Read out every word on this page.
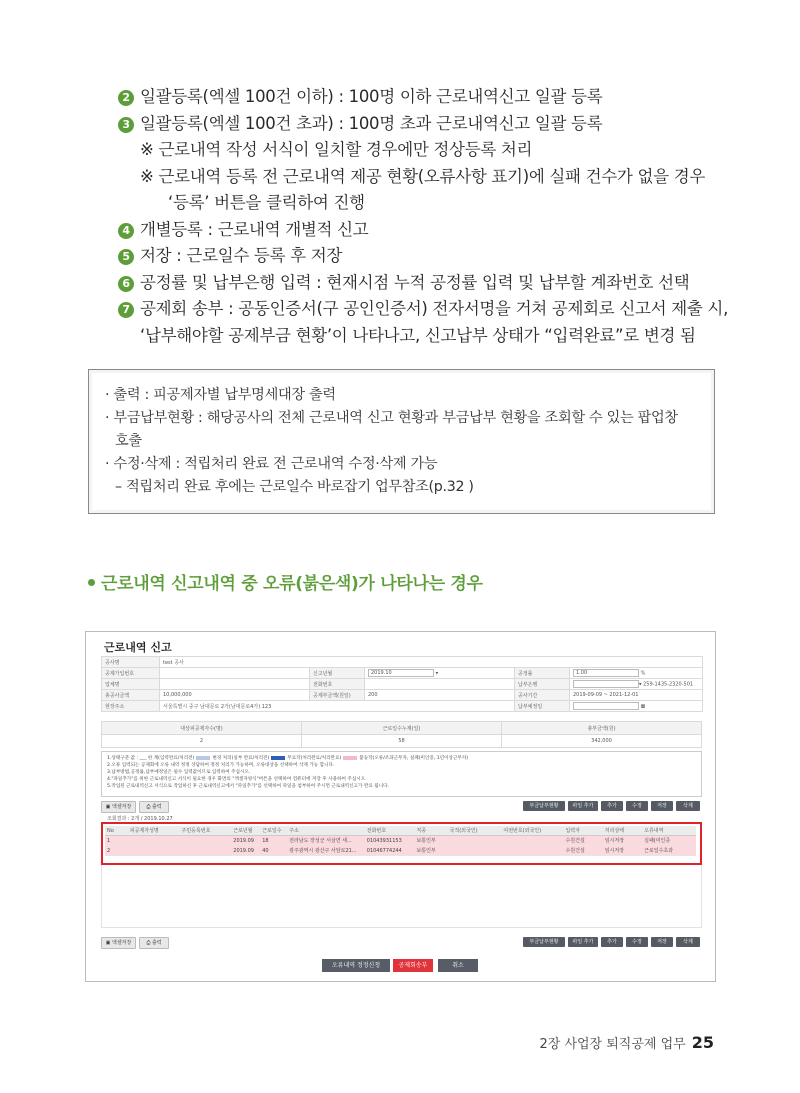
2 일괄등록(엑셀 100건 이하) : 100명 이하 근로내역신고 일괄 등록
3 일괄등록(엑셀 100건 초과) : 100명 초과 근로내역신고 일괄 등록
※ 근로내역 작성 서식이 일치할 경우에만 정상등록 처리
※ 근로내역 등록 전 근로내역 제공 현황(오류사항 표기)에 실패 건수가 없을 경우
‘등록’ 버튼을 클릭하여 진행
4 개별등록 : 근로내역 개별적 신고
5 저장 : 근로일수 등록 후 저장
6 공정률 및 납부은행 입력 : 현재시점 누적 공정률 입력 및 납부할 계좌번호 선택
7 공제회 송부 : 공동인증서(구 공인인증서) 전자서명을 거쳐 공제회로 신고서 제출 시,
‘납부해야할 공제부금 현황’이 나타나고, 신고납부 상태가 “입력완료”로 변경 됨
· 출력 : 피공제자별 납부명세대장 출력
· 부금납부현황 : 해당공사의 전체 근로내역 신고 현황과 부금납부 현황을 조회할 수 있는 팝업창
호출
· 수정·삭제 : 적립처리 완료 전 근로내역 수정·삭제 가능
– 적립처리 완료 후에는 근로일수 바로잡기 업무참조(p.32 )
근로내역 신고내역 중 오류(붉은색)가 나타나는 경우
근로내역 신고
공사명	test 공사				
공제가입번호		신고년월	2019.10 ▾	공정률	1.00 %
업체명		전화번호		납부은행	▾ 259-1435-2320-501
총공사금액	10,000,000	공제부금액(원일)	200	공사기간	2019-09-09 ~ 2021-12-01
현장주소	서울특별시 중구 남대문로 2가(남대문로4가) 123			납부예정일	▦
대상피공제자수(명)	근로일수누계(일)	총부금액(원)
2	58	342,000
1.상태구분 값 : ___ 한 계(입력완료/처리전)	변경 처리(실부 완료/처리전)	무료작(처리완료/처리완료)	불승작(오류/조과근무자, 실패(미인증, 1년이상근무자)
2.오류 입력되는 공제회에 오류 내역 정정 상담하여 정정 처리가 가능하며, 오류대상을 선택하여 삭제 가능 합니다.
3.납부방법,공정률,납부예정일은 필수 입력값이므로 입력하여 주십시오.
4."파일추가"를 위한 근로내역신고 서식이 필요한 경우 화면의 "엑셀자양식"버튼을 선택하여 컴퓨터에 저장 후 사용하여 주십시오.
5.작업된 근로내역신고 서식으로 작업하신 후 근로내역신고에서 "파일추가"를 선택하여 파일을 첨부하여 주시면 근로내역신고가 완료 됩니다.
▣ 엑셀저장	⎙ 출력	부금납부현황	파일 추가	추가	수정	저장	삭제
조회결과 : 2개 / 2019.10.27
No	피공제자성명	주민등록번호	근로년월	근로일수	주소	전화번호	직종	국적(외국인)	여권번호(외국인)	입력자	처리상태	오류내역
1			2019.09	18	전라남도 장성군 서삼면 세...	01043931153	보통인부			수원건설	임시저장	실패(미인증
2			2019.09	40	광주광역시 광산구 사암로21...	01046774244	보통인부			수원건설	임시저장	근로일수초과
▣ 엑셀저장	⎙ 출력	부금납부현황	파일 추가	추가	수정	저장	삭제
오류내역 정정신청	공제회송부	취소
2장 사업장 퇴직공제 업무 25
